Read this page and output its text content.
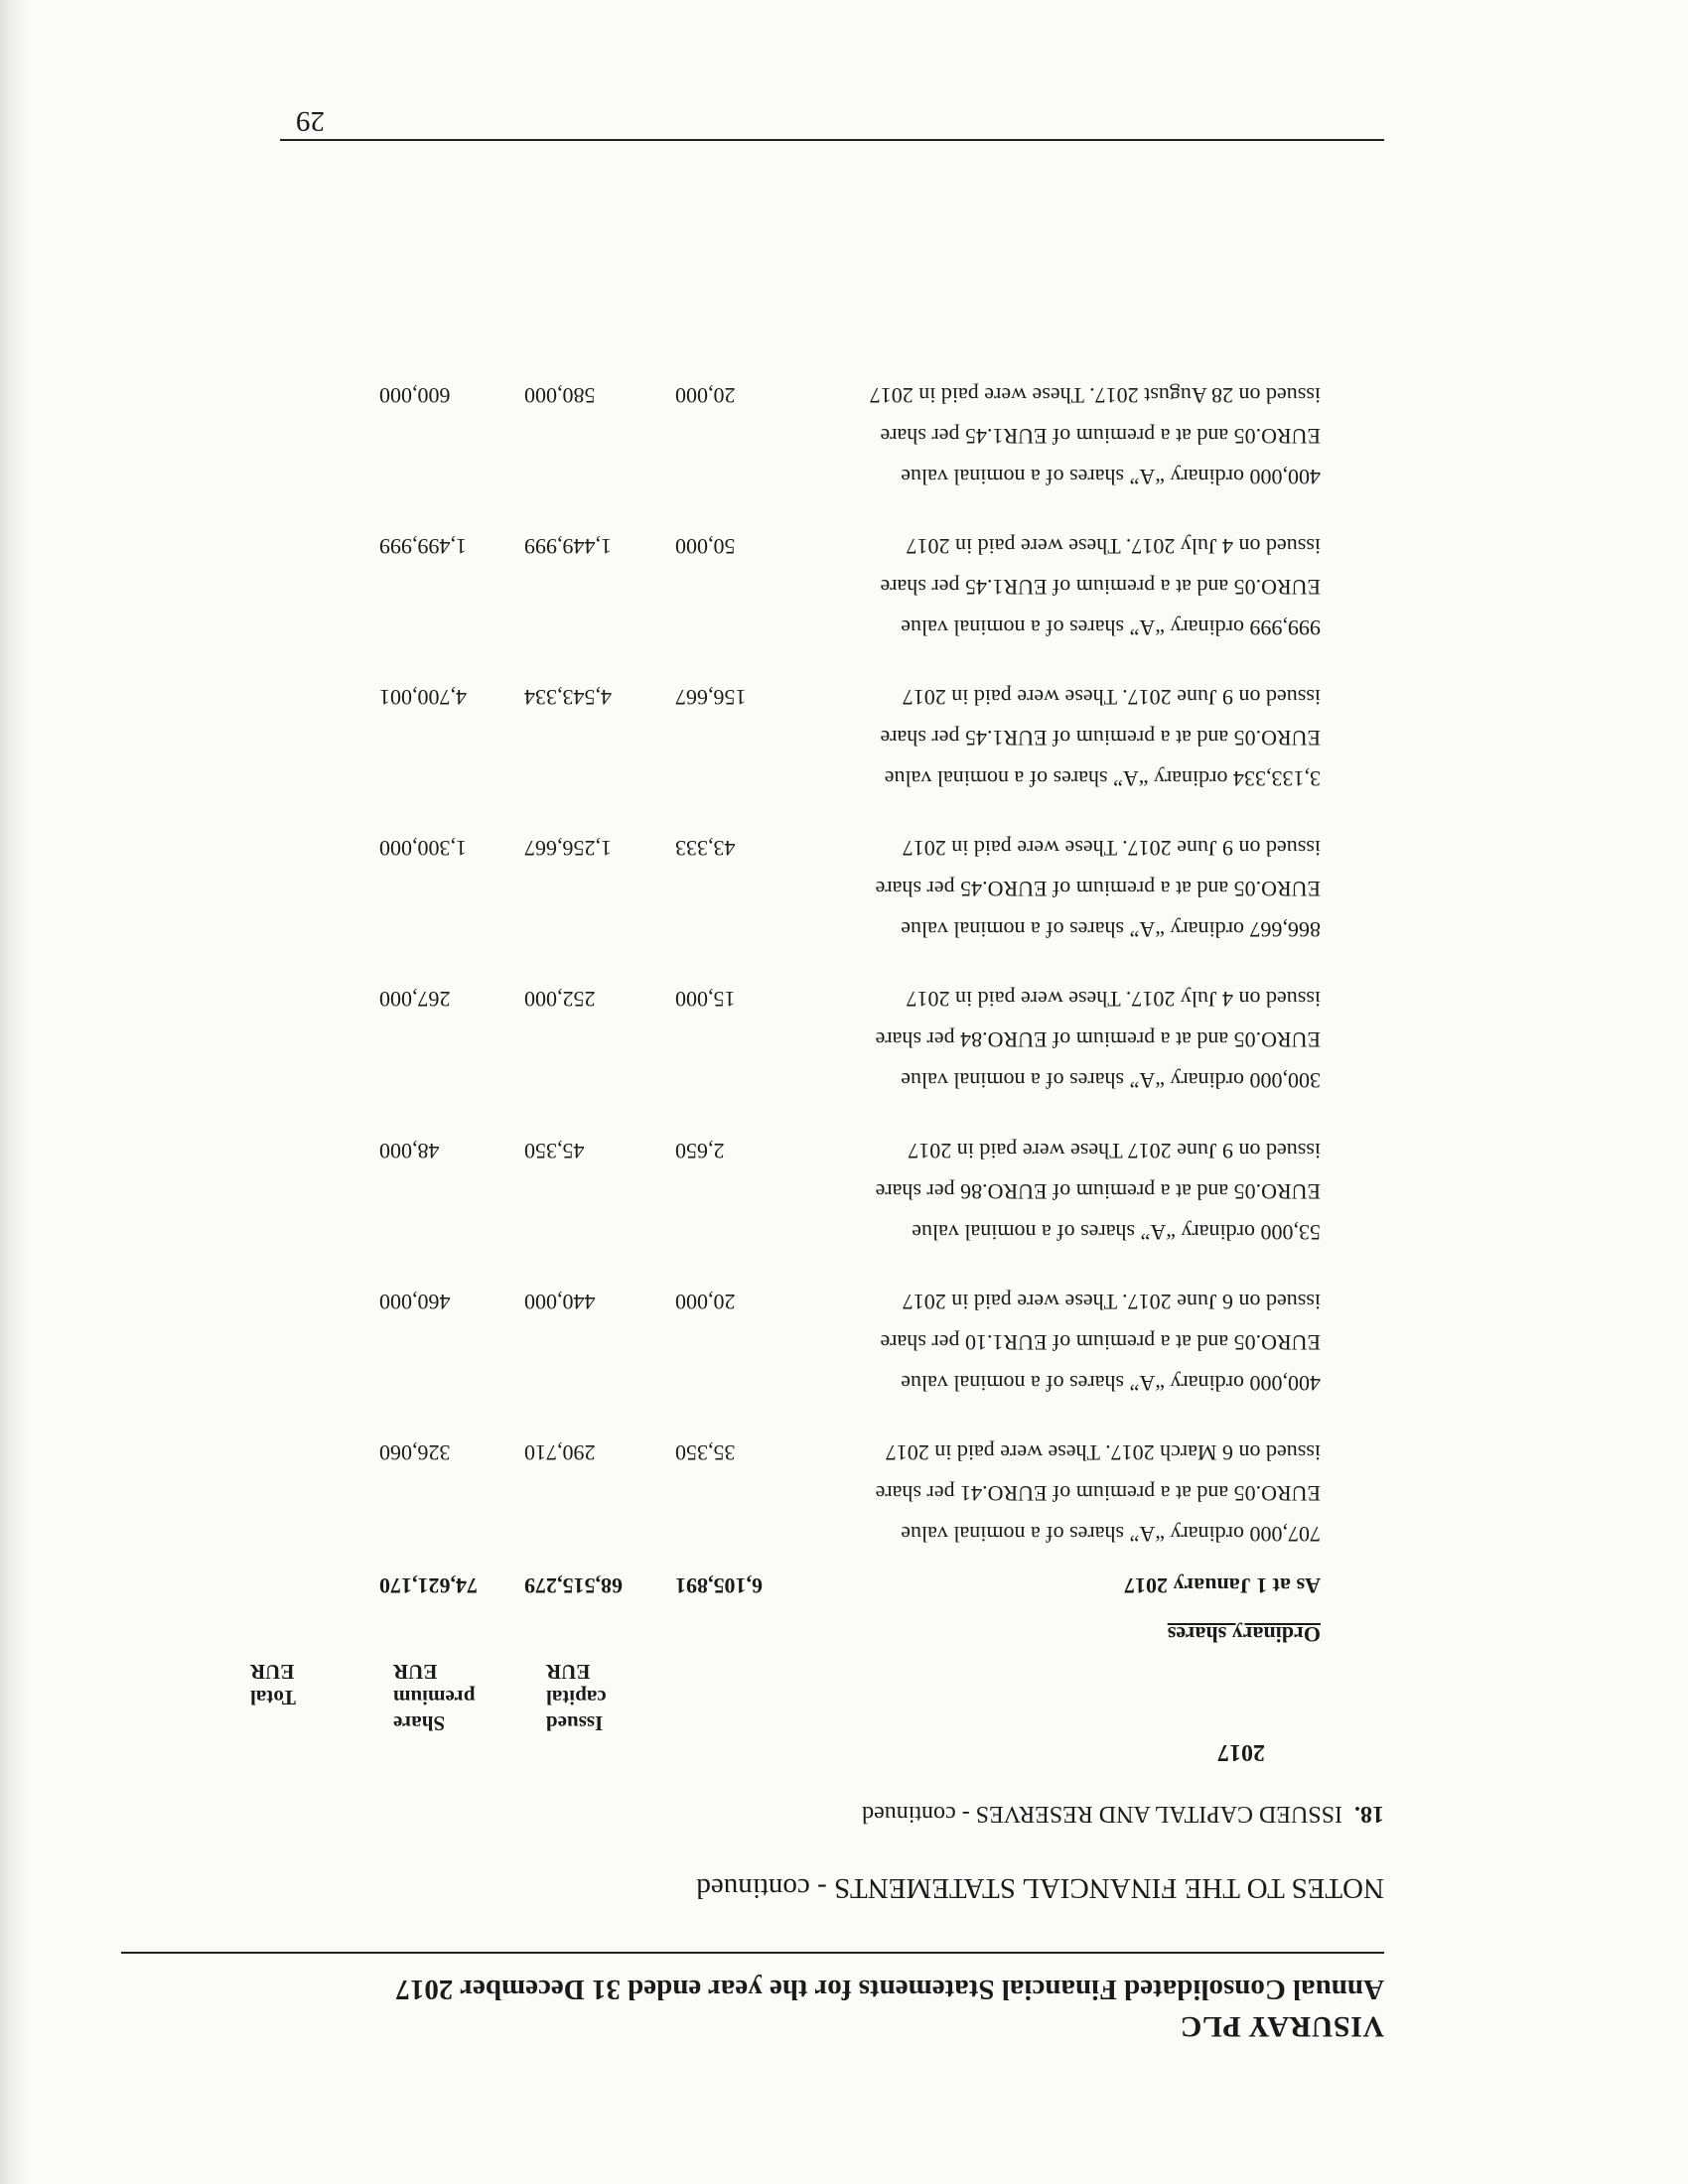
VISURAY PLC
Annual Consolidated Financial Statements for the year ended 31 December 2017
NOTES TO THE FINANCIAL STATEMENTS - continued
18.
ISSUED CAPITAL AND RESERVES - continued
2017
Issued
capital
EUR
Share
premium
EUR
Total
EUR
Ordinary shares
As at 1 January 2017
6,105,891
68,515,279
74,621,170
707,000 ordinary “A” shares of a nominal value
EURO.05 and at a premium of EURO.41 per share
issued on 6 March 2017. These were paid in 2017
35,350
290,710
326,060
400,000 ordinary “A” shares of a nominal value
EURO.05 and at a premium of EUR1.10 per share
issued on 6 June 2017. These were paid in 2017
20,000
440,000
460,000
53,000 ordinary “A” shares of a nominal value
EURO.05 and at a premium of EURO.86 per share
issued on 9 June 2017 These were paid in 2017
2,650
45,350
48,000
300,000 ordinary “A” shares of a nominal value
EURO.05 and at a premium of EURO.84 per share
issued on 4 July 2017. These were paid in 2017
15,000
252,000
267,000
866,667 ordinary “A” shares of a nominal value
EURO.05 and at a premium of EURO.45 per share
issued on 9 June 2017. These were paid in 2017
43,333
1,256,667
1,300,000
3,133,334 ordinary “A” shares of a nominal value
EURO.05 and at a premium of EUR1.45 per share
issued on 9 June 2017. These were paid in 2017
156,667
4,543,334
4,700,001
999,999 ordinary “A” shares of a nominal value
EURO.05 and at a premium of EUR1.45 per share
issued on 4 July 2017. These were paid in 2017
50,000
1,449,999
1,499,999
400,000 ordinary “A” shares of a nominal value
EURO.05 and at a premium of EUR1.45 per share
issued on 28 August 2017. These were paid in 2017
20,000
580,000
600,000
29
